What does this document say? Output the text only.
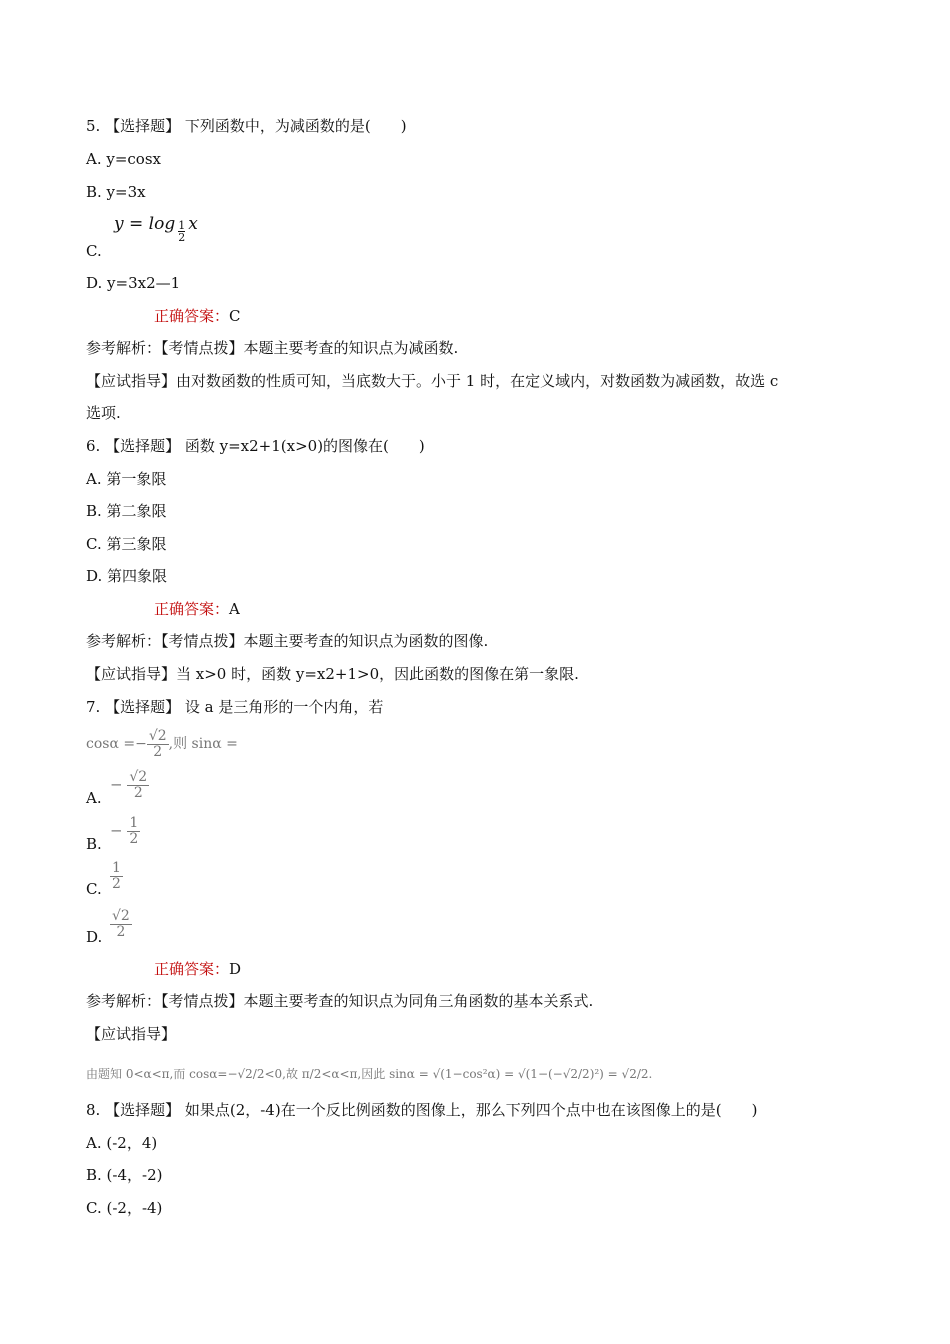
5. 【选择题】 下列函数中，为减函数的是(　　)
A. y=cosx
B. y=3x
$y = \log \frac{1}{2}$ x
C.
D. y=3x2—1
正确答案：C
参考解析：【考情点拨】本题主要考查的知识点为减函数.
【应试指导】由对数函数的性质可知，当底数大于。小于 1 时，在定义域内，对数函数为减函数，故选 c
选项.
6. 【选择题】 函数 y=x2+1(x>0)的图像在(　　)
A. 第一象限
B. 第二象限
C. 第三象限
D. 第四象限
正确答案：A
参考解析：【考情点拨】本题主要考查的知识点为函数的图像.
【应试指导】当 x>0 时，函数 y=x2+1>0，因此函数的图像在第一象限.
7. 【选择题】 设 a 是三角形的一个内角，若
$\cos\alpha =- \frac{√2}{2}$ ,则 sinα =
A.
− $\frac{√2}{2}$
B.
− $\frac{1}{2}$
C. $\frac{1}{2}$
D. $\frac{√2}{2}$
正确答案：D
参考解析：【考情点拨】本题主要考查的知识点为同角三角函数的基本关系式.
【应试指导】
由题知 0<α<π,而 cosα=−√2/2<0,故 π/2<α<π,因此 sinα = √(1−cos²α) = √(1−(−√2/2)²) = √2/2.
8. 【选择题】 如果点(2，-4)在一个反比例函数的图像上，那么下列四个点中也在该图像上的是(　　)
A. (-2，4)
B. (-4，-2)
C. (-2，-4)
